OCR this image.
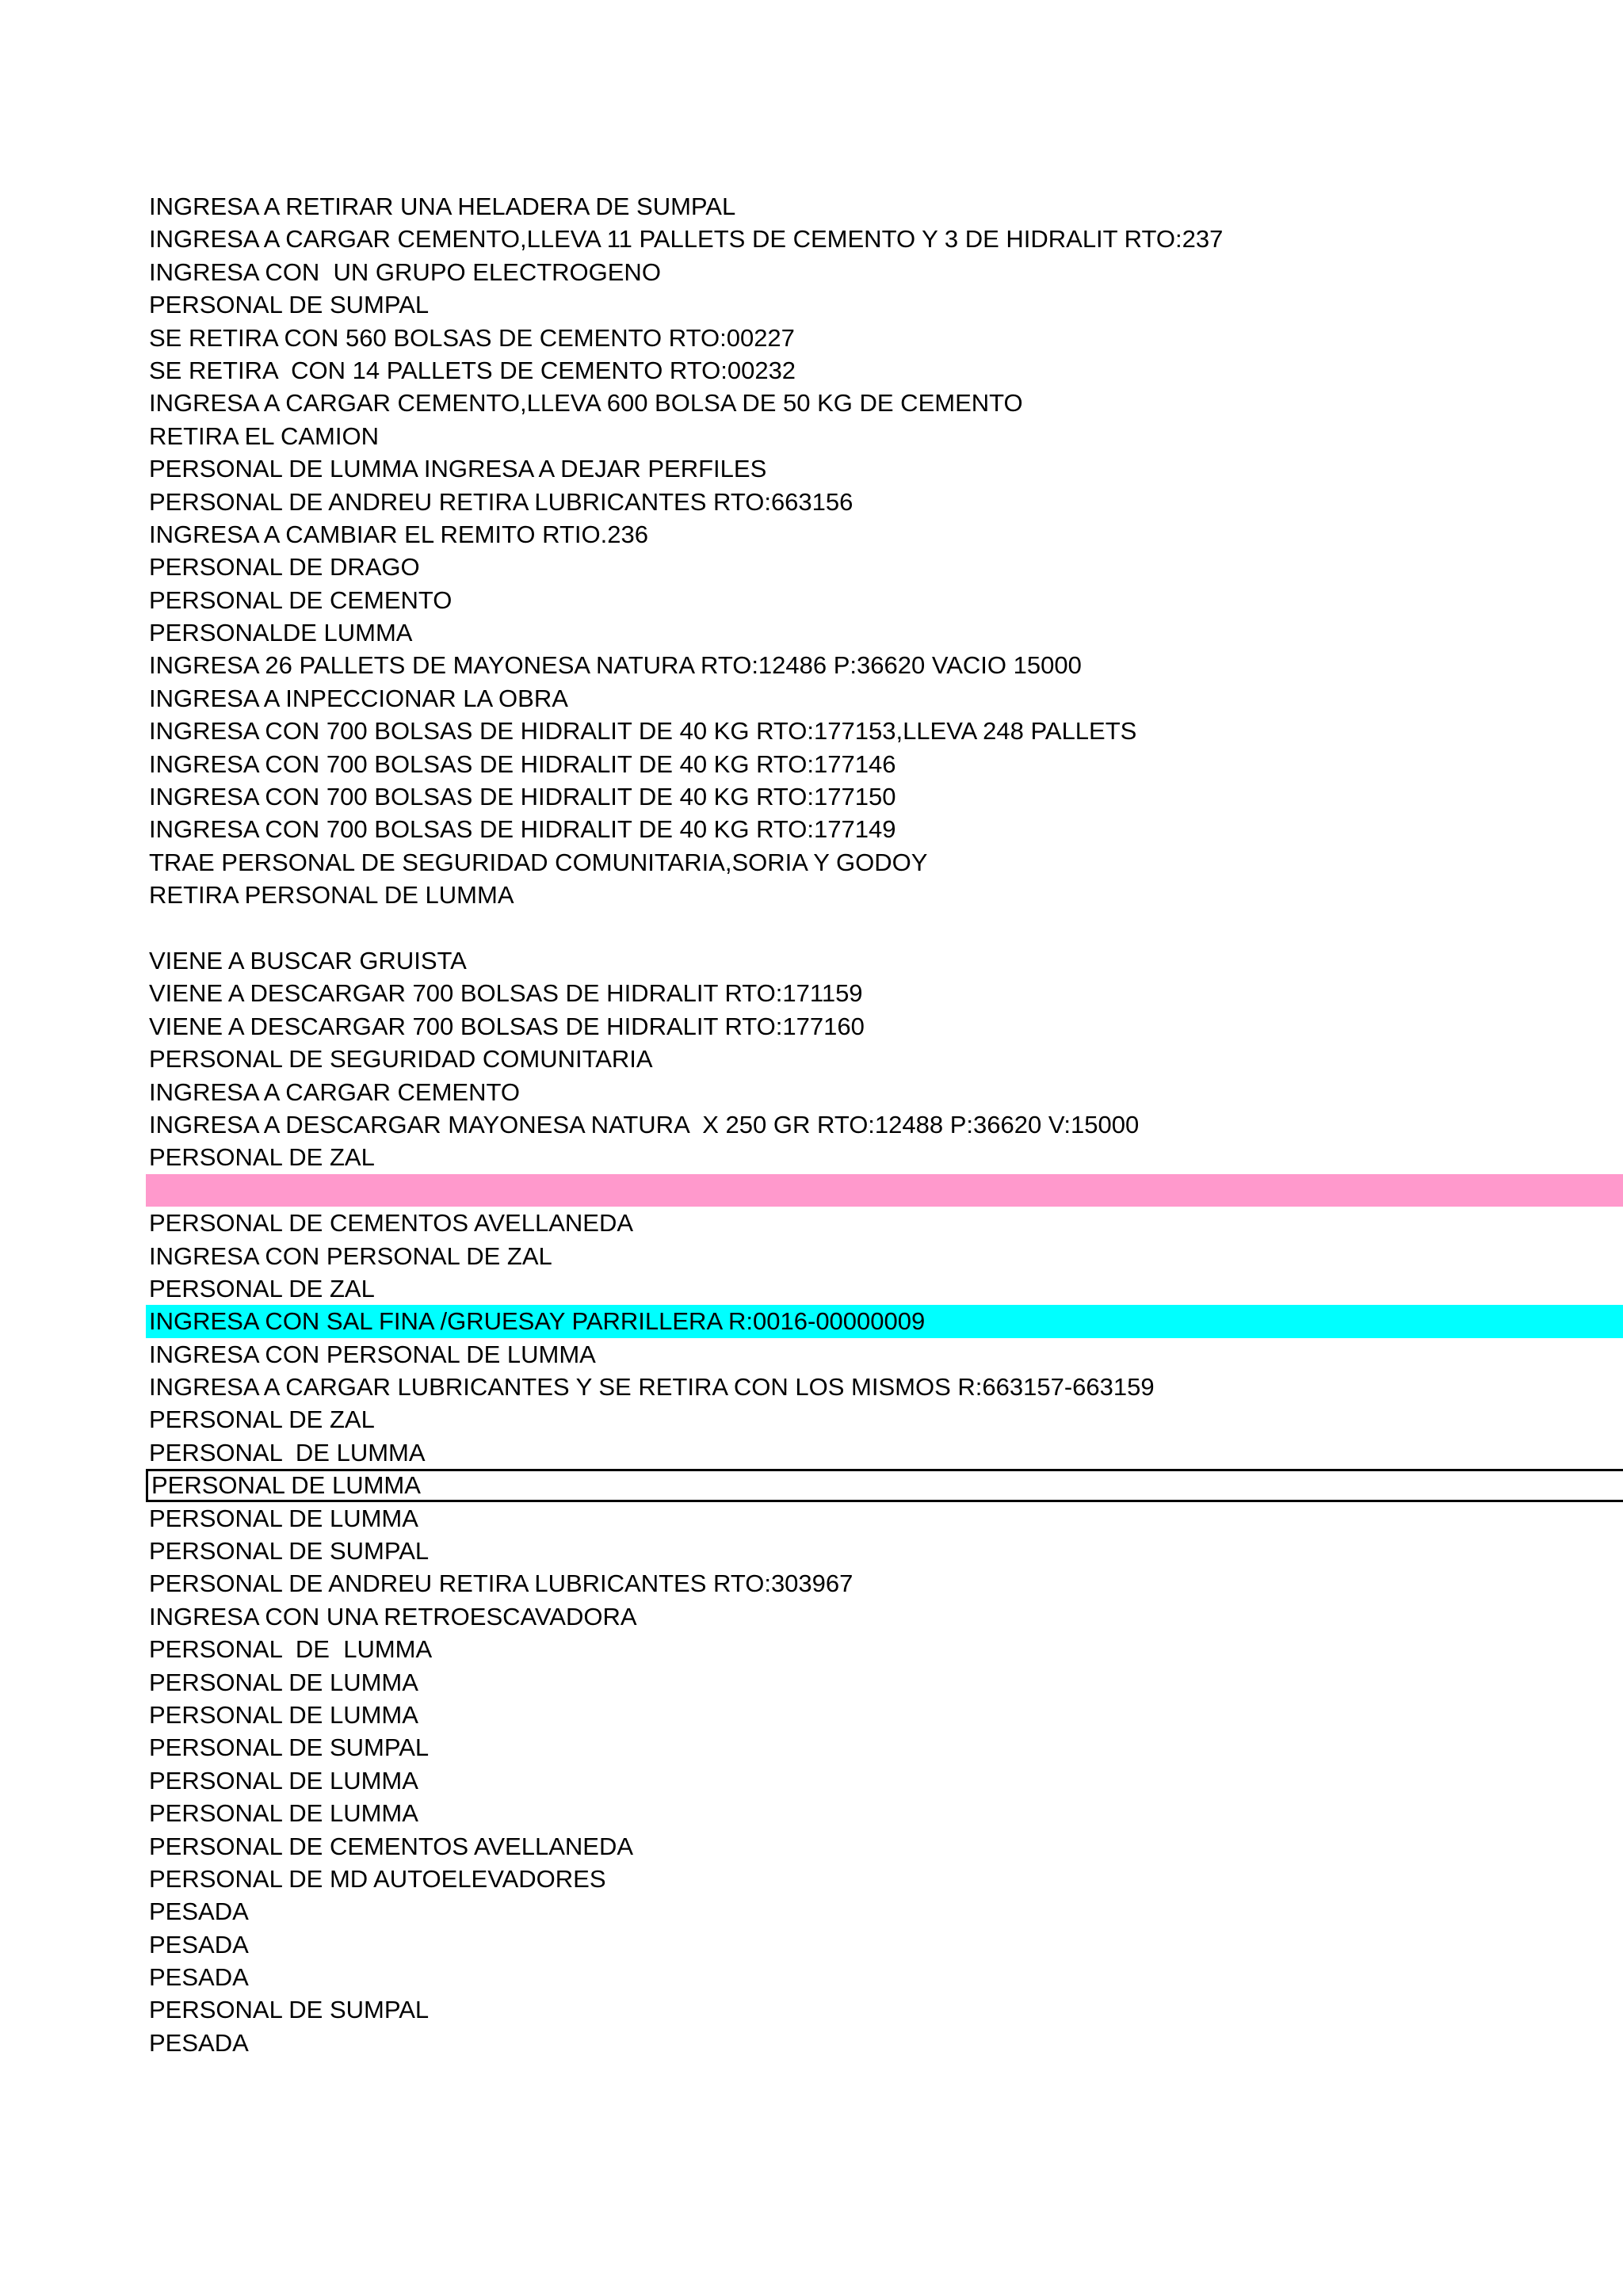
INGRESA A RETIRAR UNA HELADERA DE SUMPAL
INGRESA A CARGAR CEMENTO,LLEVA 11 PALLETS DE CEMENTO Y 3 DE HIDRALIT RTO:237
INGRESA CON  UN GRUPO ELECTROGENO
PERSONAL DE SUMPAL
SE RETIRA CON 560 BOLSAS DE CEMENTO RTO:00227
SE RETIRA  CON 14 PALLETS DE CEMENTO RTO:00232
INGRESA A CARGAR CEMENTO,LLEVA 600 BOLSA DE 50 KG DE CEMENTO
RETIRA EL CAMION
PERSONAL DE LUMMA INGRESA A DEJAR PERFILES
PERSONAL DE ANDREU RETIRA LUBRICANTES RTO:663156
INGRESA A CAMBIAR EL REMITO RTIO.236
PERSONAL DE DRAGO
PERSONAL DE CEMENTO
PERSONALDE LUMMA
INGRESA 26 PALLETS DE MAYONESA NATURA RTO:12486 P:36620 VACIO 15000
INGRESA A INPECCIONAR LA OBRA
INGRESA CON 700 BOLSAS DE HIDRALIT DE 40 KG RTO:177153,LLEVA 248 PALLETS
INGRESA CON 700 BOLSAS DE HIDRALIT DE 40 KG RTO:177146
INGRESA CON 700 BOLSAS DE HIDRALIT DE 40 KG RTO:177150
INGRESA CON 700 BOLSAS DE HIDRALIT DE 40 KG RTO:177149
TRAE PERSONAL DE SEGURIDAD COMUNITARIA,SORIA Y GODOY
RETIRA PERSONAL DE LUMMA
VIENE A BUSCAR GRUISTA
VIENE A DESCARGAR 700 BOLSAS DE HIDRALIT RTO:171159
VIENE A DESCARGAR 700 BOLSAS DE HIDRALIT RTO:177160
PERSONAL DE SEGURIDAD COMUNITARIA
INGRESA A CARGAR CEMENTO
INGRESA A DESCARGAR MAYONESA NATURA  X 250 GR RTO:12488 P:36620 V:15000
PERSONAL DE ZAL
PERSONAL DE CEMENTOS AVELLANEDA
INGRESA CON PERSONAL DE ZAL
PERSONAL DE ZAL
INGRESA CON SAL FINA /GRUESAY PARRILLERA R:0016-00000009
INGRESA CON PERSONAL DE LUMMA
INGRESA A CARGAR LUBRICANTES Y SE RETIRA CON LOS MISMOS R:663157-663159
PERSONAL DE ZAL
PERSONAL  DE LUMMA
PERSONAL DE LUMMA
PERSONAL DE LUMMA
PERSONAL DE SUMPAL
PERSONAL DE ANDREU RETIRA LUBRICANTES RTO:303967
INGRESA CON UNA RETROESCAVADORA
PERSONAL  DE  LUMMA
PERSONAL DE LUMMA
PERSONAL DE LUMMA
PERSONAL DE SUMPAL
PERSONAL DE LUMMA
PERSONAL DE LUMMA
PERSONAL DE CEMENTOS AVELLANEDA
PERSONAL DE MD AUTOELEVADORES
PESADA
PESADA
PESADA
PERSONAL DE SUMPAL
PESADA
